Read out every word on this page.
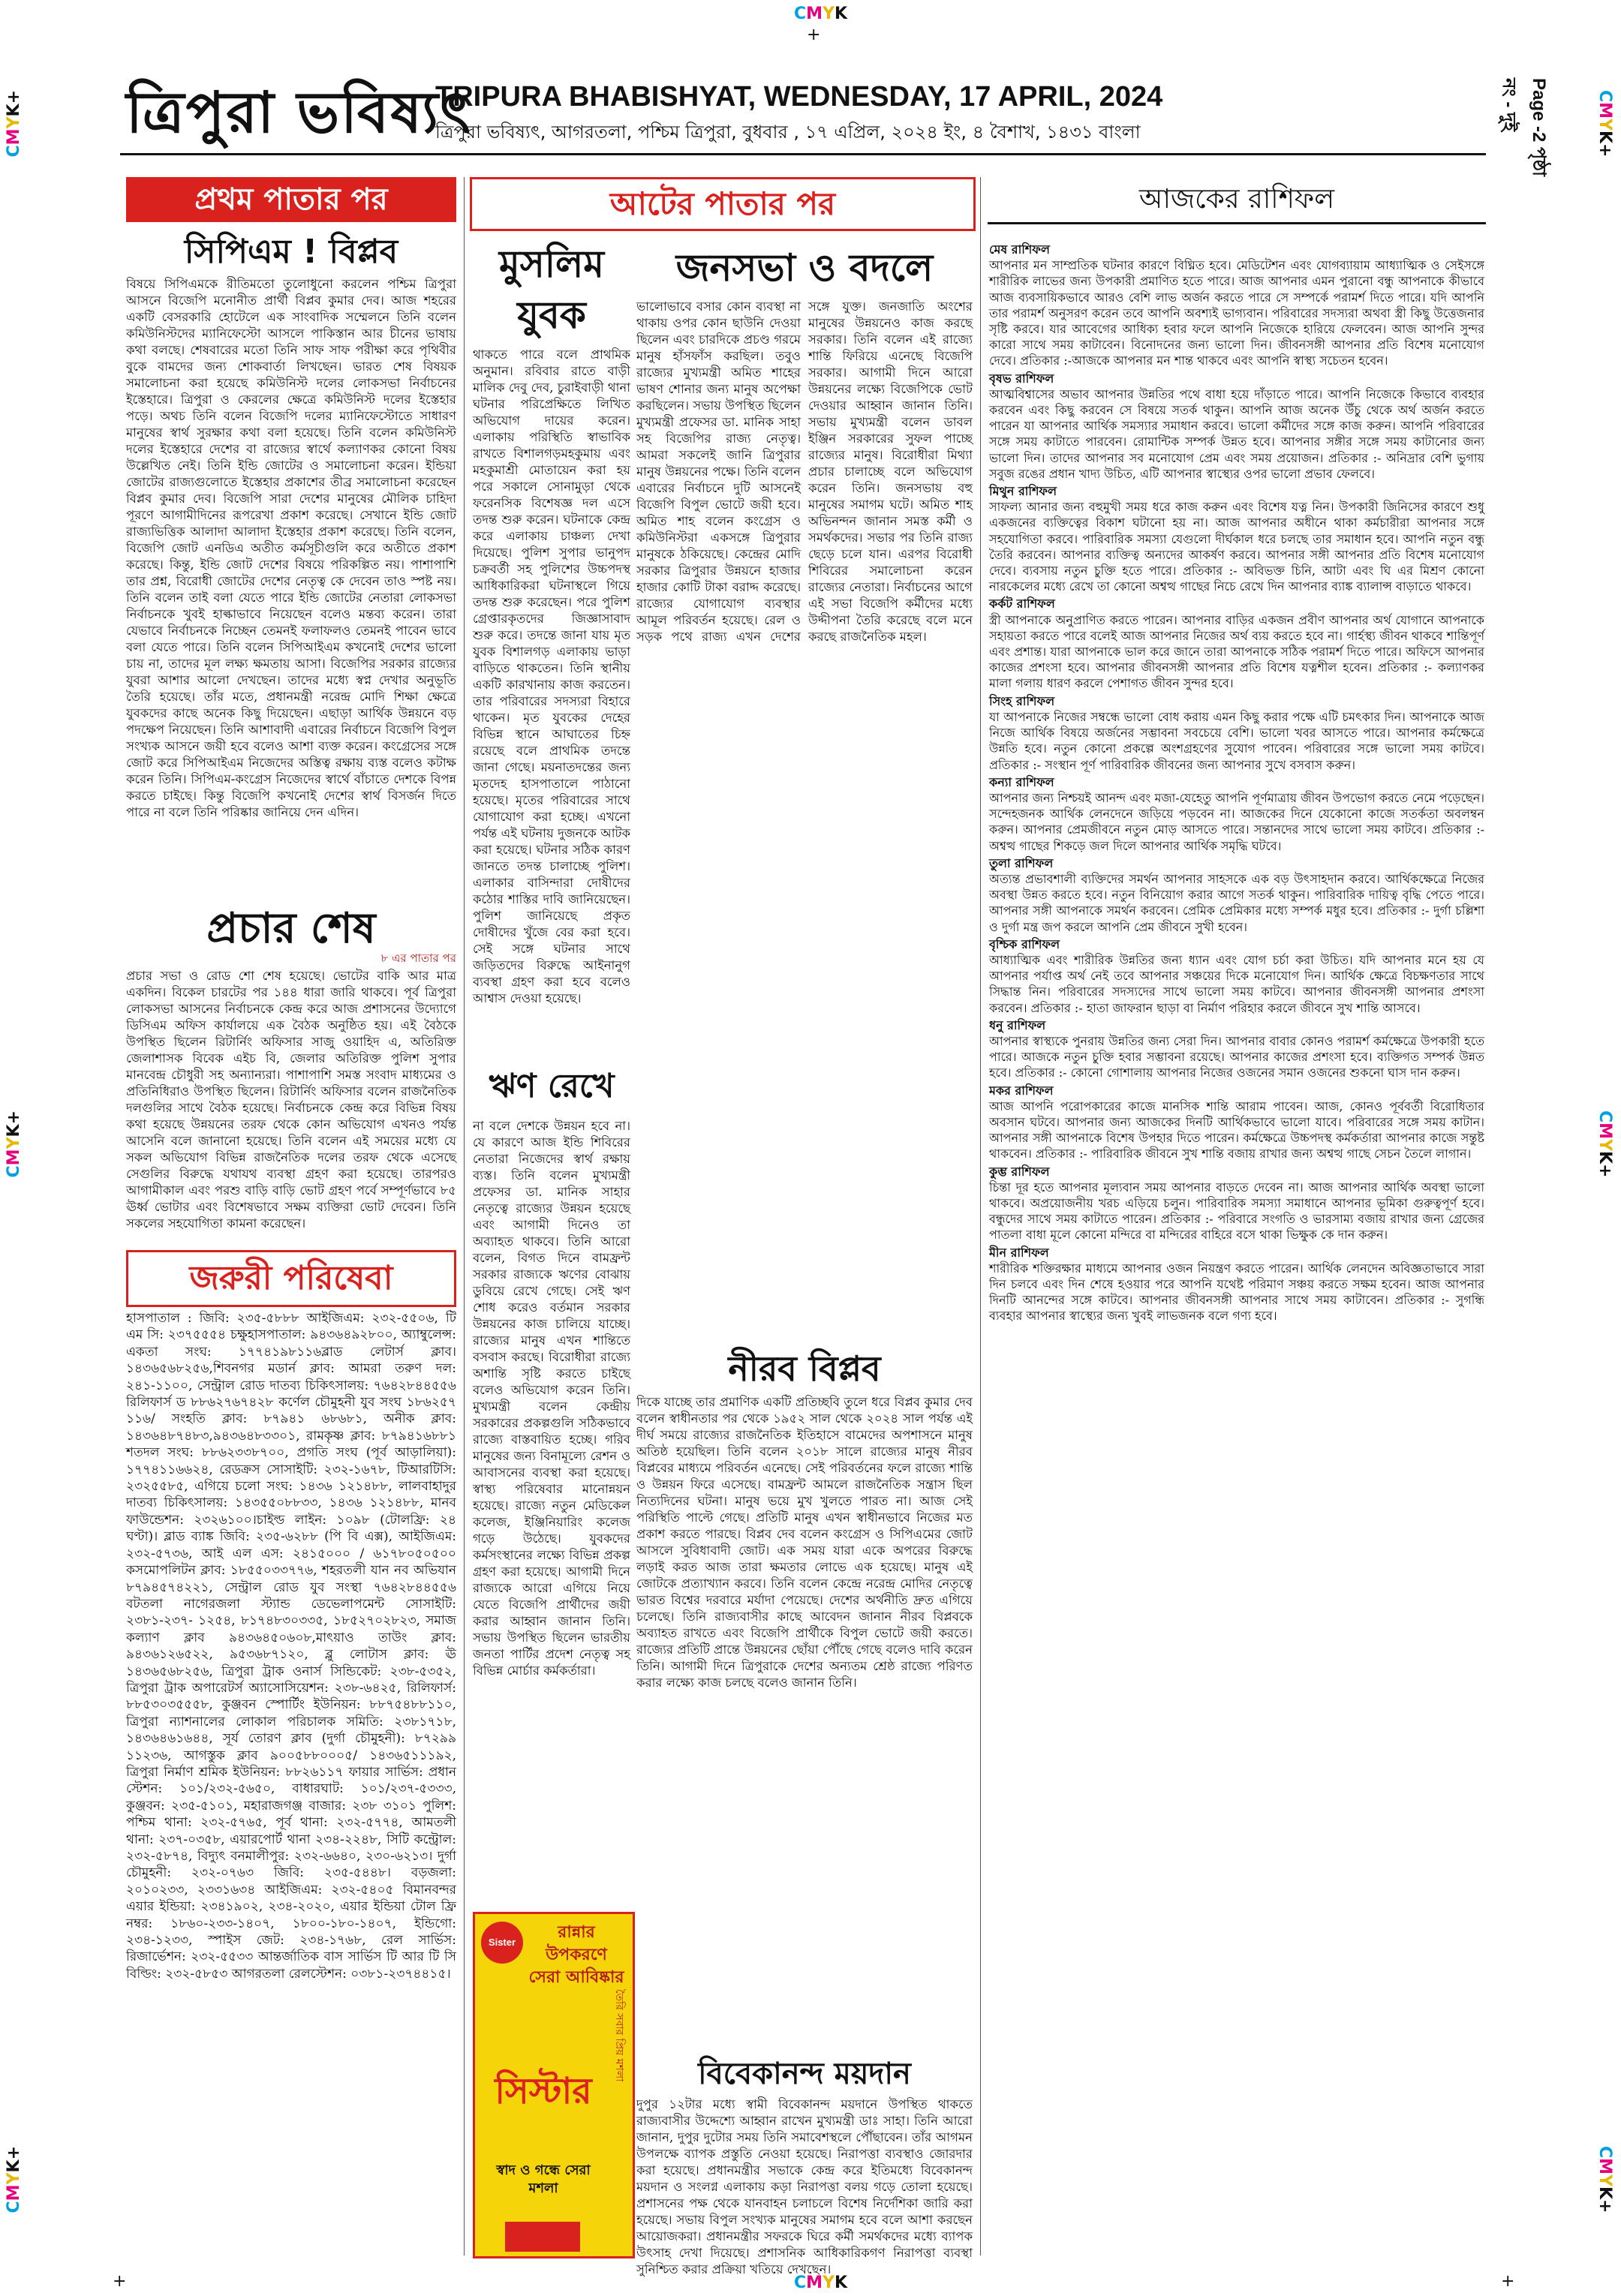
CMYK
+
CMYK+	CMYK+
CMYK+	CMYK+
CMYK+	CMYK+
CMYK
+	+
ত্রিপুরা ভবিষ্যৎ
TRIPURA BHABISHYAT, WEDNESDAY, 17 APRIL, 2024
ত্রিপুরা ভবিষ্যৎ, আগরতলা, পশ্চিম ত্রিপুরা, বুধবার , ১৭ এপ্রিল, ২০২৪ ইং, ৪ বৈশাখ, ১৪৩১ বাংলা	Page -2 পৃষ্ঠা নং - দুই
প্রথম পাতার পর
সিপিএম ! বিপ্লব
বিষয়ে সিপিএমকে রীতিমতো তুলোধুনো করলেন পশ্চিম ত্রিপুরা আসনে বিজেপি মনোনীত প্রার্থী বিপ্লব কুমার দেব। আজ শহরের একটি বেসরকারি হোটেলে এক সাংবাদিক সম্মেলনে তিনি বলেন কমিউনিস্টদের ম্যানিফেস্টো আসলে পাকিস্তান আর চীনের ভাষায় কথা বলছে। শেষবারের মতো তিনি সাফ সাফ পরীক্ষা করে পৃথিবীর বুকে বামদের জন্য শোকবার্তা লিখছেন। ভারত শেষ বিষয়ক সমালোচনা করা হয়েছে কমিউনিস্ট দলের লোকসভা নির্বাচনের ইস্তেহারে। ত্রিপুরা ও কেরলের ক্ষেত্রে কমিউনিস্ট দলের ইস্তেহার পড়ে। অথচ তিনি বলেন বিজেপি দলের ম্যানিফেস্টোতে সাধারণ মানুষের স্বার্থ সুরক্ষার কথা বলা হয়েছে। তিনি বলেন কমিউনিস্ট দলের ইস্তেহারে দেশের বা রাজ্যের স্বার্থে কল্যাণকর কোনো বিষয় উল্লেখিত নেই। তিনি ইন্ডি জোটের ও সমালোচনা করেন। ইন্ডিয়া জোটের রাজ্যগুলোতে ইস্তেহার প্রকাশের তীব্র সমালোচনা করেছেন বিপ্লব কুমার দেব। বিজেপি সারা দেশের মানুষের মৌলিক চাহিদা পূরণে আগামীদিনের রূপরেখা প্রকাশ করেছে। সেখানে ইন্ডি জোট রাজ্যভিত্তিক আলাদা আলাদা ইস্তেহার প্রকাশ করেছে। তিনি বলেন, বিজেপি জোট এনডিএ অতীত কর্মসূচীগুলি করে অতীতে প্রকাশ করেছে। কিন্তু, ইন্ডি জোট দেশের বিষয়ে পরিকল্পিত নয়। পাশাপাশি তার প্রশ্ন, বিরোধী জোটের দেশের নেতৃত্ব কে দেবেন তাও স্পষ্ট নয়। তিনি বলেন তাই বলা যেতে পারে ইন্ডি জোটের নেতারা লোকসভা নির্বাচনকে খুবই হাল্কাভাবে নিয়েছেন বলেও মন্তব্য করেন। তারা যেভাবে নির্বাচনকে নিচ্ছেন তেমনই ফলাফলও তেমনই পাবেন ভাবে বলা যেতে পারে। তিনি বলেন সিপিআইএম কখনোই দেশের ভালো চায় না, তাদের মূল লক্ষ্য ক্ষমতায় আসা। বিজেপির সরকার রাজ্যের যুবরা আশার আলো দেখছেন। তাদের মধ্যে স্বপ্ন দেখার অনুভূতি তৈরি হয়েছে। তাঁর মতে, প্রধানমন্ত্রী নরেন্দ্র মোদি শিক্ষা ক্ষেত্রে যুবকদের কাছে অনেক কিছু দিয়েছেন। এছাড়া আর্থিক উন্নয়নে বড় পদক্ষেপ নিয়েছেন। তিনি আশাবাদী এবারের নির্বাচনে বিজেপি বিপুল সংখ্যক আসনে জয়ী হবে বলেও আশা ব্যক্ত করেন। কংগ্রেসের সঙ্গে জোট করে সিপিআইএম নিজেদের অস্তিত্ব রক্ষায় ব্যস্ত বলেও কটাক্ষ করেন তিনি। সিপিএম-কংগ্রেস নিজেদের স্বার্থে বাঁচাতে দেশকে বিপন্ন করতে চাইছে। কিন্তু বিজেপি কখনোই দেশের স্বার্থ বিসর্জন দিতে পারে না বলে তিনি পরিষ্কার জানিয়ে দেন এদিন।
প্রচার শেষ
৮ এর পাতার পর
প্রচার সভা ও রোড শো শেষ হয়েছে। ভোটের বাকি আর মাত্র একদিন। বিকেল চারটের পর ১৪৪ ধারা জারি থাকবে। পূর্ব ত্রিপুরা লোকসভা আসনের নির্বাচনকে কেন্দ্র করে আজ প্রশাসনের উদ্যোগে ডিসিএম অফিস কার্যালয়ে এক বৈঠক অনুষ্ঠিত হয়। এই বৈঠকে উপস্থিত ছিলেন রিটার্নিং অফিসার সাজু ওয়াহিদ এ, অতিরিক্ত জেলাশাসক বিবেক এইচ বি, জেলার অতিরিক্ত পুলিশ সুপার মানবেন্দ্র চৌধুরী সহ অন্যান্যরা। পাশাপাশি সমস্ত সংবাদ মাধ্যমের ও প্রতিনিধিরাও উপস্থিত ছিলেন। রিটার্নিং অফিসার বলেন রাজনৈতিক দলগুলির সাথে বৈঠক হয়েছে। নির্বাচনকে কেন্দ্র করে বিভিন্ন বিষয় কথা হয়েছে উন্নয়নের তরফ থেকে কোন অভিযোগ এখনও পর্যন্ত আসেনি বলে জানানো হয়েছে। তিনি বলেন এই সময়ের মধ্যে যে সকল অভিযোগ বিভিন্ন রাজনৈতিক দলের তরফ থেকে এসেছে সেগুলির বিরুদ্ধে যথাযথ ব্যবস্থা গ্রহণ করা হয়েছে। তারপরও আগামীকাল এবং পরশু বাড়ি বাড়ি ভোট গ্রহণ পর্বে সম্পূর্ণভাবে ৮৫ ঊর্ধ্ব ভোটার এবং বিশেষভাবে সক্ষম ব্যক্তিরা ভোট দেবেন। তিনি সকলের সহযোগিতা কামনা করেছেন।
জরুরী পরিষেবা
হাসপাতাল : জিবি: ২৩৫-৫৮৮৮ আইজিএম: ২৩২-৫৫০৬, টি এম সি: ২৩৭৫৫৫৪ চক্ষুহাসপাতাল: ৯৪৩৬৪৯২৮০০, অ্যাম্বুলেন্স: একতা সংঘ: ১৭৭৪১৯৮১১৬ব্লাড লেটার্স ক্লাব। ১৪৩৬৫৬৮২৫৬,শিবনগর মডার্ন ক্লাব: আমরা তরুণ দল: ২৪১-১১০০, সেন্ট্রাল রোড দাতব্য চিকিৎসালয়: ৭৬৪২৮৪৪৫৫৬ রিলিফার্স ড ৮৮৬২৭৬৭৪২৮ কর্ণেল চৌমুহনী যুব সংঘ ১৮৬২৫৭ ১১৬/ সংহতি ক্লাব: ৮৭৯৪১ ৬৮৬৮১, অনীক ক্লাব: ১৪৩৬৪৮৭৪৮৩,৯৪৩৬৪৮৩৩০১, রামকৃষ্ণ ক্লাব: ৮৭৯৪১৬৮৮১ শতদল সংঘ: ৮৮৬২৩৩৮৭০০, প্রগতি সংঘ (পূর্ব আড়ালিয়া): ১৭৭৪১১৬৬২৪, রেডক্রস সোসাইটি: ২৩২-১৬৭৮, টিআরটিসি: ২৩২৫৫৮৫, এগিয়ে চলো সংঘ: ১৪৩৬ ১২১৪৮৮, লালবাহাদুর দাতব্য চিকিৎসালয়: ১৪৩৫৫০৮৮৩৩, ১৪৩৬ ১২১৪৮৮, মানব ফাউন্ডেশন: ২৩২৬১০০।চাইল্ড লাইন: ১০৯৮ (টোলফ্রি: ২৪ ঘণ্টা)। ব্লাড ব্যাঙ্ক জিবি: ২৩৫-৬২৮৮ (পি বি এক্স), আইজিএম: ২৩২-৫৭৩৬, আই এল এস: ২৪১৫০০০ / ৬১৭৮০৫০৫০০ কসমোপলিটন ক্লাব: ১৮৫৫০৩৩৭৭৬, শহরতলী যান নব অভিযান ৮৭৯৪৫৭৪২২১, সেন্ট্রাল রোড যুব সংস্থা ৭৬৪২৮৪৪৫৫৬ বটতলা নাগেরজলা স্ট্যান্ড ডেভেলাপমেন্ট সোসাইটি: ২৩৮১-২৩৭- ১২৫৪, ৮১৭৪৮৩০৩৩৫, ১৮৫২৭০২৮২৩, সমাজ কল্যাণ ক্লাব ৯৪৩৬৪৫০৬০৮,মাৎয়াও তাউং ক্লাব: ৯৪৩৬১২৬৫২২, ৯৫৩৬৮৭১২০, ব্লু লোটাস ক্লাব: ঊ ১৪৩৬৫৬৮২৫৬, ত্রিপুরা ট্রাক ওনার্স সিন্ডিকেট: ২৩৮-৫৩৫২, ত্রিপুরা ট্রাক অপারেটর্স অ্যাসোসিয়েশন: ২৩৮-৬৪২৫, রিলিফার্স: ৮৮৫৩০৩৫৫৫৮, কুঞ্জবন স্পোর্টিং ইউনিয়ন: ৮৮৭৫৪৮৮১১০, ত্রিপুরা ন্যাশনালের লোকাল পরিচালক সমিতি: ২৩৮১৭১৮, ১৪৩৬৪৬১৬৪৪, সূর্য তোরণ ক্লাব (দুর্গা চৌমুহনী): ৮৭২৯৯ ১১২৩৬, আগস্তুক ক্লাব ৯০০৫৮৮০০০৫/ ১৪৩৬৫১১১৯২, ত্রিপুরা নির্মাণ শ্রমিক ইউনিয়ন: ৮৮২৬১১৭ ফায়ার সার্ভিস: প্রধান স্টেশন: ১০১/২৩২-৫৬৫০, বাধারঘাট: ১০১/২৩৭-৫৩৩৩, কুঞ্জবন: ২৩৫-৫১০১, মহারাজগঞ্জ বাজার: ২৩৮ ৩১০১ পুলিশ: পশ্চিম থানা: ২৩২-৫৭৬৫, পূর্ব থানা: ২৩২-৫৭৭৪, আমতলী থানা: ২৩৭-০৩৫৮, এয়ারপোর্ট থানা ২৩৪-২২৪৮, সিটি কন্ট্রোল: ২৩২-৫৮৭৪, বিদ্যুৎ বনমালীপুর: ২৩২-৬৬৪০, ২৩০-৬২১৩। দুর্গা চৌমুহনী: ২৩২-০৭৬৩ জিবি: ২৩৫-৫৪৪৮। বড়জলা: ২০১০২৩৩, ২৩৩১৬৩৪ আইজিএম: ২৩২-৫৪০৫ বিমানবন্দর এয়ার ইন্ডিয়া: ২৩৪১৯০২, ২৩৪-২০২০, এয়ার ইন্ডিয়া টোল ফ্রি নম্বর: ১৮৬০-২৩৩-১৪০৭, ১৮০০-১৮০-১৪০৭, ইন্ডিগো: ২৩৪-১২৩৩, স্পাইস জেট: ২৩৪-১৭৬৮, রেল সার্ভিস: রিজার্ভেশন: ২৩২-৫৫৩৩ আন্তর্জাতিক বাস সার্ভিস টি আর টি সি বিল্ডিং: ২৩২-৫৮৫৩ আগরতলা রেলস্টেশন: ০৩৮১-২৩৭৪৪১৫।
আটের পাতার পর
মুসলিম যুবক
থাকতে পারে বলে প্রাথমিক অনুমান। রবিবার রাতে বাড়ী মালিক দেবু দেব, চুরাইবাড়ী থানা ঘটনার পরিপ্রেক্ষিতে লিখিত অভিযোগ দায়ের করেন।এলাকায় পরিস্থিতি স্বাভাবিক রাখতে বিশালগড়মহকুমায় এবং মহকুমাশ্রী মোতায়েন করা হয় পরে সকালে সোনামুড়া থেকে ফরেনসিক বিশেষজ্ঞ দল এসে তদন্ত শুরু করেন। ঘটনাকে কেন্দ্র করে এলাকায় চাঞ্চল্য দেখা দিয়েছে। পুলিশ সুপার ভানুপদ চক্রবর্তী সহ পুলিশের উচ্চপদস্থ আধিকারিকরা ঘটনাস্থলে গিয়ে তদন্ত শুরু করেছেন। পরে পুলিশ গ্রেপ্তারকৃতদের জিজ্ঞাসাবাদ শুরু করে। তদন্তে জানা যায় মৃত যুবক বিশালগড় এলাকায় ভাড়া বাড়িতে থাকতেন। তিনি স্থানীয় একটি কারখানায় কাজ করতেন। তার পরিবারের সদস্যরা বিহারে থাকেন। মৃত যুবকের দেহের বিভিন্ন স্থানে আঘাতের চিহ্ন রয়েছে বলে প্রাথমিক তদন্তে জানা গেছে। ময়নাতদন্তের জন্য মৃতদেহ হাসপাতালে পাঠানো হয়েছে। মৃতের পরিবারের সাথে যোগাযোগ করা হচ্ছে। এখনো পর্যন্ত এই ঘটনায় দুজনকে আটক করা হয়েছে। ঘটনার সঠিক কারণ জানতে তদন্ত চালাচ্ছে পুলিশ। এলাকার বাসিন্দারা দোষীদের কঠোর শাস্তির দাবি জানিয়েছেন। পুলিশ জানিয়েছে প্রকৃত দোষীদের খুঁজে বের করা হবে। সেই সঙ্গে ঘটনার সাথে জড়িতদের বিরুদ্ধে আইনানুগ ব্যবস্থা গ্রহণ করা হবে বলেও আশ্বাস দেওয়া হয়েছে।
জনসভা ও বদলে
ভালোভাবে বসার কোন ব্যবস্থা না থাকায় ওপর কোন ছাউনি দেওয়া ছিলেন এবং চারদিকে প্রচণ্ড গরমে মানুষ হাঁসফাঁস করছিল। তবুও রাজ্যের মুখ্যমন্ত্রী অমিত শাহের ভাষণ শোনার জন্য মানুষ অপেক্ষা করছিলেন। সভায় উপস্থিত ছিলেন মুখ্যমন্ত্রী প্রফেসর ডা. মানিক সাহা সহ বিজেপির রাজ্য নেতৃত্ব। আমরা সকলেই জানি ত্রিপুরার মানুষ উন্নয়নের পক্ষে। তিনি বলেন এবারের নির্বাচনে দুটি আসনেই বিজেপি বিপুল ভোটে জয়ী হবে। অমিত শাহ বলেন কংগ্রেস ও কমিউনিস্টরা একসঙ্গে ত্রিপুরার মানুষকে ঠকিয়েছে। কেন্দ্রের মোদি সরকার ত্রিপুরার উন্নয়নে হাজার হাজার কোটি টাকা বরাদ্দ করেছে। রাজ্যের যোগাযোগ ব্যবস্থার আমূল পরিবর্তন হয়েছে। রেল ও সড়ক পথে রাজ্য এখন দেশের সঙ্গে যুক্ত। জনজাতি অংশের মানুষের উন্নয়নেও কাজ করছে সরকার। তিনি বলেন এই রাজ্যে শান্তি ফিরিয়ে এনেছে বিজেপি সরকার। আগামী দিনে আরো উন্নয়নের লক্ষ্যে বিজেপিকে ভোট দেওয়ার আহ্বান জানান তিনি। সভায় মুখ্যমন্ত্রী বলেন ডাবল ইঞ্জিন সরকারের সুফল পাচ্ছে রাজ্যের মানুষ। বিরোধীরা মিথ্যা প্রচার চালাচ্ছে বলে অভিযোগ করেন তিনি। জনসভায় বহু মানুষের সমাগম ঘটে। অমিত শাহ অভিনন্দন জানান সমস্ত কর্মী ও সমর্থকদের। সভার পর তিনি রাজ্য ছেড়ে চলে যান। এরপর বিরোধী শিবিরের সমালোচনা করেন রাজ্যের নেতারা। নির্বাচনের আগে এই সভা বিজেপি কর্মীদের মধ্যে উদ্দীপনা তৈরি করেছে বলে মনে করছে রাজনৈতিক মহল।
ঋণ রেখে
না বলে দেশকে উন্নয়ন হবে না। যে কারণে আজ ইন্ডি শিবিরের নেতারা নিজেদের স্বার্থ রক্ষায় ব্যস্ত। তিনি বলেন মুখ্যমন্ত্রী প্রফেসর ডা. মানিক সাহার নেতৃত্বে রাজ্যের উন্নয়ন হয়েছে এবং আগামী দিনেও তা অব্যাহত থাকবে। তিনি আরো বলেন, বিগত দিনে বামফ্রন্ট সরকার রাজ্যকে ঋণের বোঝায় ডুবিয়ে রেখে গেছে। সেই ঋণ শোধ করেও বর্তমান সরকার উন্নয়নের কাজ চালিয়ে যাচ্ছে। রাজ্যের মানুষ এখন শান্তিতে বসবাস করছে। বিরোধীরা রাজ্যে অশান্তি সৃষ্টি করতে চাইছে বলেও অভিযোগ করেন তিনি। মুখ্যমন্ত্রী বলেন কেন্দ্রীয় সরকারের প্রকল্পগুলি সঠিকভাবে রাজ্যে বাস্তবায়িত হচ্ছে। গরিব মানুষের জন্য বিনামূল্যে রেশন ও আবাসনের ব্যবস্থা করা হয়েছে। স্বাস্থ্য পরিষেবার মানোন্নয়ন হয়েছে। রাজ্যে নতুন মেডিকেল কলেজ, ইঞ্জিনিয়ারিং কলেজ গড়ে উঠেছে। যুবকদের কর্মসংস্থানের লক্ষ্যে বিভিন্ন প্রকল্প গ্রহণ করা হয়েছে। আগামী দিনে রাজ্যকে আরো এগিয়ে নিয়ে যেতে বিজেপি প্রার্থীদের জয়ী করার আহ্বান জানান তিনি। সভায় উপস্থিত ছিলেন ভারতীয় জনতা পার্টির প্রদেশ নেতৃত্ব সহ বিভিন্ন মোর্চার কর্মকর্তারা।
নীরব বিপ্লব
দিকে যাচ্ছে তার প্রমাণিক একটি প্রতিচ্ছবি তুলে ধরে বিপ্লব কুমার দেব বলেন স্বাধীনতার পর থেকে ১৯৫২ সাল থেকে ২০২৪ সাল পর্যন্ত এই দীর্ঘ সময়ে রাজ্যের রাজনৈতিক ইতিহাসে বামেদের অপশাসনে মানুষ অতিষ্ঠ হয়েছিল। তিনি বলেন ২০১৮ সালে রাজ্যের মানুষ নীরব বিপ্লবের মাধ্যমে পরিবর্তন এনেছে। সেই পরিবর্তনের ফলে রাজ্যে শান্তি ও উন্নয়ন ফিরে এসেছে। বামফ্রন্ট আমলে রাজনৈতিক সন্ত্রাস ছিল নিত্যদিনের ঘটনা। মানুষ ভয়ে মুখ খুলতে পারত না। আজ সেই পরিস্থিতি পাল্টে গেছে। প্রতিটি মানুষ এখন স্বাধীনভাবে নিজের মত প্রকাশ করতে পারছে। বিপ্লব দেব বলেন কংগ্রেস ও সিপিএমের জোট আসলে সুবিধাবাদী জোট। এক সময় যারা একে অপরের বিরুদ্ধে লড়াই করত আজ তারা ক্ষমতার লোভে এক হয়েছে। মানুষ এই জোটকে প্রত্যাখ্যান করবে। তিনি বলেন কেন্দ্রে নরেন্দ্র মোদির নেতৃত্বে ভারত বিশ্বের দরবারে মর্যাদা পেয়েছে। দেশের অর্থনীতি দ্রুত এগিয়ে চলেছে। তিনি রাজ্যবাসীর কাছে আবেদন জানান নীরব বিপ্লবকে অব্যাহত রাখতে এবং বিজেপি প্রার্থীকে বিপুল ভোটে জয়ী করতে। রাজ্যের প্রতিটি প্রান্তে উন্নয়নের ছোঁয়া পৌঁছে গেছে বলেও দাবি করেন তিনি। আগামী দিনে ত্রিপুরাকে দেশের অন্যতম শ্রেষ্ঠ রাজ্যে পরিণত করার লক্ষ্যে কাজ চলছে বলেও জানান তিনি।
বিবেকানন্দ ময়দান
দুপুর ১২টার মধ্যে স্বামী বিবেকানন্দ ময়দানে উপস্থিত থাকতে রাজ্যবাসীর উদ্দেশ্যে আহ্বান রাখেন মুখ্যমন্ত্রী ডাঃ সাহা। তিনি আরো জানান, দুপুর দুটোর সময় তিনি সমাবেশস্থলে পৌঁছাবেন। তাঁর আগমন উপলক্ষে ব্যাপক প্রস্তুতি নেওয়া হয়েছে। নিরাপত্তা ব্যবস্থাও জোরদার করা হয়েছে। প্রধানমন্ত্রীর সভাকে কেন্দ্র করে ইতিমধ্যে বিবেকানন্দ ময়দান ও সংলগ্ন এলাকায় কড়া নিরাপত্তা বলয় গড়ে তোলা হয়েছে। প্রশাসনের পক্ষ থেকে যানবাহন চলাচলে বিশেষ নির্দেশিকা জারি করা হয়েছে। সভায় বিপুল সংখ্যক মানুষের সমাগম হবে বলে আশা করছেন আয়োজকরা। প্রধানমন্ত্রীর সফরকে ঘিরে কর্মী সমর্থকদের মধ্যে ব্যাপক উৎসাহ দেখা দিয়েছে। প্রশাসনিক আধিকারিকগণ নিরাপত্তা ব্যবস্থা সুনিশ্চিত করার প্রক্রিয়া খতিয়ে দেখছেন।
Sister
রান্নার উপকরণে সেরা আবিষ্কার
সিস্টার
স্বাদ ও গন্ধে সেরা মশলা
তৈরি সবার প্রিয় মশলা
আজকের রাশিফল
মেষ রাশিফল

আপনার মন সাম্প্রতিক ঘটনার কারণে বিঘ্নিত হবে। মেডিটেশন এবং যোগব্যায়াম আধ্যাত্মিক ও সেইসঙ্গে শারীরিক লাভের জন্য উপকারী প্রমাণিত হতে পারে। আজ আপনার এমন পুরানো বন্ধু আপনাকে কীভাবে আজ ব্যবসায়িকভাবে আরও বেশি লাভ অর্জন করতে পারে সে সম্পর্কে পরামর্শ দিতে পারে। যদি আপনি তার পরামর্শ অনুসরণ করেন তবে আপনি অবশ্যই ভাগ্যবান। পরিবারের সদস্যরা অথবা স্ত্রী কিছু উত্তেজনার সৃষ্টি করবে। যার আবেগের আধিক্য হবার ফলে আপনি নিজেকে হারিয়ে ফেলবেন। আজ আপনি সুন্দর কারো সাথে সময় কাটাবেন। বিনোদনের জন্য ভালো দিন। জীবনসঙ্গী আপনার প্রতি বিশেষ মনোযোগ দেবে। প্রতিকার :-আজকে আপনার মন শান্ত থাকবে এবং আপনি স্বাস্থ্য সচেতন হবেন।

বৃষভ রাশিফল

আত্মবিশ্বাসের অভাব আপনার উন্নতির পথে বাধা হয়ে দাঁড়াতে পারে। আপনি নিজেকে কিভাবে ব্যবহার করবেন এবং কিছু করবেন সে বিষয়ে সতর্ক থাকুন। আপনি আজ অনেক উঁচু থেকে অর্থ অর্জন করতে পারেন যা আপনার আর্থিক সমস্যার সমাধান করবে। ভালো কর্মীদের সঙ্গে কাজ করুন। আপনি পরিবারের সঙ্গে সময় কাটাতে পারবেন। রোমান্টিক সম্পর্ক উন্নত হবে। আপনার সঙ্গীর সঙ্গে সময় কাটানোর জন্য ভালো দিন। তাদের আপনার সব মনোযোগ প্রেম এবং সময় প্রয়োজন। প্রতিকার :- অনিদ্রার বেশি ভুগায় সবুজ রঙের প্রধান খাদ্য উচিত, এটি আপনার স্বাস্থ্যের ওপর ভালো প্রভাব ফেলবে।

মিথুন রাশিফল

সাফল্য আনার জন্য বহুমুখী সময় ধরে কাজ করুন এবং বিশেষ যত্ন নিন। উপকারী জিনিসের কারণে শুধু একজনের ব্যক্তিত্বের বিকাশ ঘটানো হয় না। আজ আপনার অধীনে থাকা কর্মচারীরা আপনার সঙ্গে সহযোগিতা করবে। পারিবারিক সমস্যা যেগুলো দীর্ঘকাল ধরে চলছে তার সমাধান হবে। আপনি নতুন বন্ধু তৈরি করবেন। আপনার ব্যক্তিত্ব অন্যদের আকর্ষণ করবে। আপনার সঙ্গী আপনার প্রতি বিশেষ মনোযোগ দেবে। ব্যবসায় নতুন চুক্তি হতে পারে। প্রতিকার :- অবিভক্ত চিনি, আটা এবং ঘি এর মিশ্রণ কোনো নারকেলের মধ্যে রেখে তা কোনো অশ্বত্থ গাছের নিচে রেখে দিন আপনার ব্যাঙ্ক ব্যালান্স বাড়াতে থাকবে।

কর্কট রাশিফল

স্ত্রী আপনাকে অনুপ্রাণিত করতে পারেন। আপনার বাড়ির একজন প্রবীণ আপনার অর্থ যোগানে আপনাকে সহায়তা করতে পারে বলেই আজ আপনার নিজের অর্থ ব্যয় করতে হবে না। গার্হস্থ্য জীবন থাকবে শান্তিপূর্ণ এবং প্রশান্ত। যারা আপনাকে ভাল করে জানে তারা আপনাকে সঠিক পরামর্শ দিতে পারে। অফিসে আপনার কাজের প্রশংসা হবে। আপনার জীবনসঙ্গী আপনার প্রতি বিশেষ যত্নশীল হবেন। প্রতিকার :- কল্যাণকর মালা গলায় ধারণ করলে পেশাগত জীবন সুন্দর হবে।

সিংহ রাশিফল

যা আপনাকে নিজের সম্বন্ধে ভালো বোধ করায় এমন কিছু করার পক্ষে এটি চমৎকার দিন। আপনাকে আজ নিজে আর্থিক বিষয়ে অর্জনের সম্ভাবনা সবচেয়ে বেশি। ভালো খবর আসতে পারে। আপনার কর্মক্ষেত্রে উন্নতি হবে। নতুন কোনো প্রকল্পে অংশগ্রহণের সুযোগ পাবেন। পরিবারের সঙ্গে ভালো সময় কাটবে। প্রতিকার :- সংস্থান পূর্ণ পারিবারিক জীবনের জন্য আপনার সুখে বসবাস করুন।

কন্যা রাশিফল

আপনার জন্য নিশ্চয়ই আনন্দ এবং মজা-যেহেতু আপনি পূর্ণমাত্রায় জীবন উপভোগ করতে নেমে পড়েছেন। সন্দেহজনক আর্থিক লেনদেনে জড়িয়ে পড়বেন না। আজকের দিনে যেকোনো কাজে সতর্কতা অবলম্বন করুন। আপনার প্রেমজীবনে নতুন মোড় আসতে পারে। সন্তানদের সাথে ভালো সময় কাটবে। প্রতিকার :- অশ্বত্থ গাছের শিকড়ে জল দিলে আপনার আর্থিক সমৃদ্ধি ঘটবে।

তুলা রাশিফল

অত্যন্ত প্রভাবশালী ব্যক্তিদের সমর্থন আপনার সাহসকে এক বড় উৎসাহদান করবে। আর্থিকক্ষেত্রে নিজের অবস্থা উন্নত করতে হবে। নতুন বিনিয়োগ করার আগে সতর্ক থাকুন। পারিবারিক দায়িত্ব বৃদ্ধি পেতে পারে। আপনার সঙ্গী আপনাকে সমর্থন করবেন। প্রেমিক প্রেমিকার মধ্যে সম্পর্ক মধুর হবে। প্রতিকার :- দুর্গা চল্লিশা ও দুর্গা মন্ত্র জপ করলে আপনি প্রেম জীবনে সুখী হবেন।

বৃশ্চিক রাশিফল

আধ্যাত্মিক এবং শারীরিক উন্নতির জন্য ধ্যান এবং যোগ চর্চা করা উচিত। যদি আপনার মনে হয় যে আপনার পর্যাপ্ত অর্থ নেই তবে আপনার সঞ্চয়ের দিকে মনোযোগ দিন। আর্থিক ক্ষেত্রে বিচক্ষণতার সাথে সিদ্ধান্ত নিন। পরিবারের সদস্যদের সাথে ভালো সময় কাটবে। আপনার জীবনসঙ্গী আপনার প্রশংসা করবেন। প্রতিকার :- হাতা জাফরান ছাড়া বা নির্মাণ পরিহার করলে জীবনে সুখ শান্তি আসবে।

ধনু রাশিফল

আপনার স্বাস্থ্যকে পুনরায় উন্নতির জন্য সেরা দিন। আপনার বাবার কোনও পরামর্শ কর্মক্ষেত্রে উপকারী হতে পারে। আজকে নতুন চুক্তি হবার সম্ভাবনা রয়েছে। আপনার কাজের প্রশংসা হবে। ব্যক্তিগত সম্পর্ক উন্নত হবে। প্রতিকার :- কোনো গোশালায় আপনার নিজের ওজনের সমান ওজনের শুকনো ঘাস দান করুন।

মকর রাশিফল

আজ আপনি পরোপকারের কাজে মানসিক শান্তি আরাম পাবেন। আজ, কোনও পূর্ববর্তী বিরোধিতার অবসান ঘটবে। আপনার জন্য আজকের দিনটি আর্থিকভাবে ভালো যাবে। পরিবারের সঙ্গে সময় কাটান। আপনার সঙ্গী আপনাকে বিশেষ উপহার দিতে পারেন। কর্মক্ষেত্রে উচ্চপদস্থ কর্মকর্তারা আপনার কাজে সন্তুষ্ট থাকবেন। প্রতিকার :- পারিবারিক জীবনে সুখ শান্তি বজায় রাখার জন্য অশ্বত্থ গাছে সেচন তৈলে লাগান।

কুম্ভ রাশিফল

চিন্তা দূর হতে আপনার মূল্যবান সময় আপনার বাড়তে দেবেন না। আজ আপনার আর্থিক অবস্থা ভালো থাকবে। অপ্রয়োজনীয় খরচ এড়িয়ে চলুন। পারিবারিক সমস্যা সমাধানে আপনার ভূমিকা গুরুত্বপূর্ণ হবে। বন্ধুদের সাথে সময় কাটাতে পারেন। প্রতিকার :- পরিবারে সংগতি ও ভারসাম্য বজায় রাখার জন্য গ্রেজের পাতলা বাধা মূলে কোনো মন্দিরে বা মন্দিরের বাহিরে বসে থাকা ভিক্ষুক কে দান করুন।

মীন রাশিফল

শারীরিক শক্তিরক্ষার মাধ্যমে আপনার ওজন নিয়ন্ত্রণ করতে পারেন। আর্থিক লেনদেন অবিজ্ঞতাভাবে সারা দিন চলবে এবং দিন শেষে হওয়ার পরে আপনি যথেষ্ট পরিমাণ সঞ্চয় করতে সক্ষম হবেন। আজ আপনার দিনটি আনন্দের সঙ্গে কাটবে। আপনার জীবনসঙ্গী আপনার সাথে সময় কাটাবেন। প্রতিকার :- সুগন্ধি ব্যবহার আপনার স্বাস্থ্যের জন্য খুবই লাভজনক বলে গণ্য হবে।
